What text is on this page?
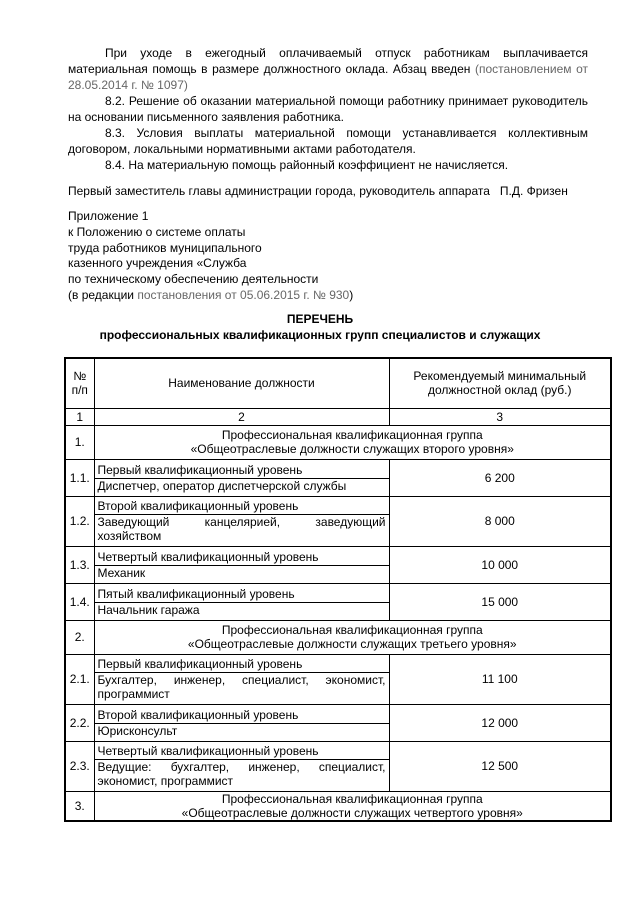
При уходе в ежегодный оплачиваемый отпуск работникам выплачивается материальная помощь в размере должностного оклада. Абзац введен (постановлением от 28.05.2014 г. № 1097)

8.2. Решение об оказании материальной помощи работнику принимает руководитель на основании письменного заявления работника.

8.3. Условия выплаты материальной помощи устанавливается коллективным договором, локальными нормативными актами работодателя.

8.4. На материальную помощь районный коэффициент не начисляется.

Первый заместитель главы администрации города, руководитель аппарата   П.Д. Фризен

Приложение 1
к Положению о системе оплаты
труда работников муниципального
казенного учреждения «Служба
по техническому обеспечению деятельности
(в редакции постановления от 05.06.2015 г. № 930)
ПЕРЕЧЕНЬ
профессиональных квалификационных групп специалистов и служащих
№ п/п	Наименование должности	Рекомендуемый минимальный должностной оклад (руб.)
1	2	3
1.	Профессиональная квалификационная группа
«Общеотраслевые должности служащих второго уровня»	

1.1.	Первый квалификационный уровень
Диспетчер, оператор диспетчерской службы	6 200
1.2.	Второй квалификационный уровень
Заведующий канцелярией, заведующий хозяйством	8 000
1.3.	Четвертый квалификационный уровень
Механик	10 000
1.4.	Пятый квалификационный уровень
Начальник гаража	15 000
2.	Профессиональная квалификационная группа
«Общеотраслевые должности служащих третьего уровня»	

2.1.	Первый квалификационный уровень
Бухгалтер, инженер, специалист, экономист, программист	11 100
2.2.	Второй квалификационный уровень
Юрисконсульт	12 000
2.3.	Четвертый квалификационный уровень
Ведущие: бухгалтер, инженер, специалист, экономист, программист	12 500
3.	Профессиональная квалификационная группа
«Общеотраслевые должности служащих четвертого уровня»	
